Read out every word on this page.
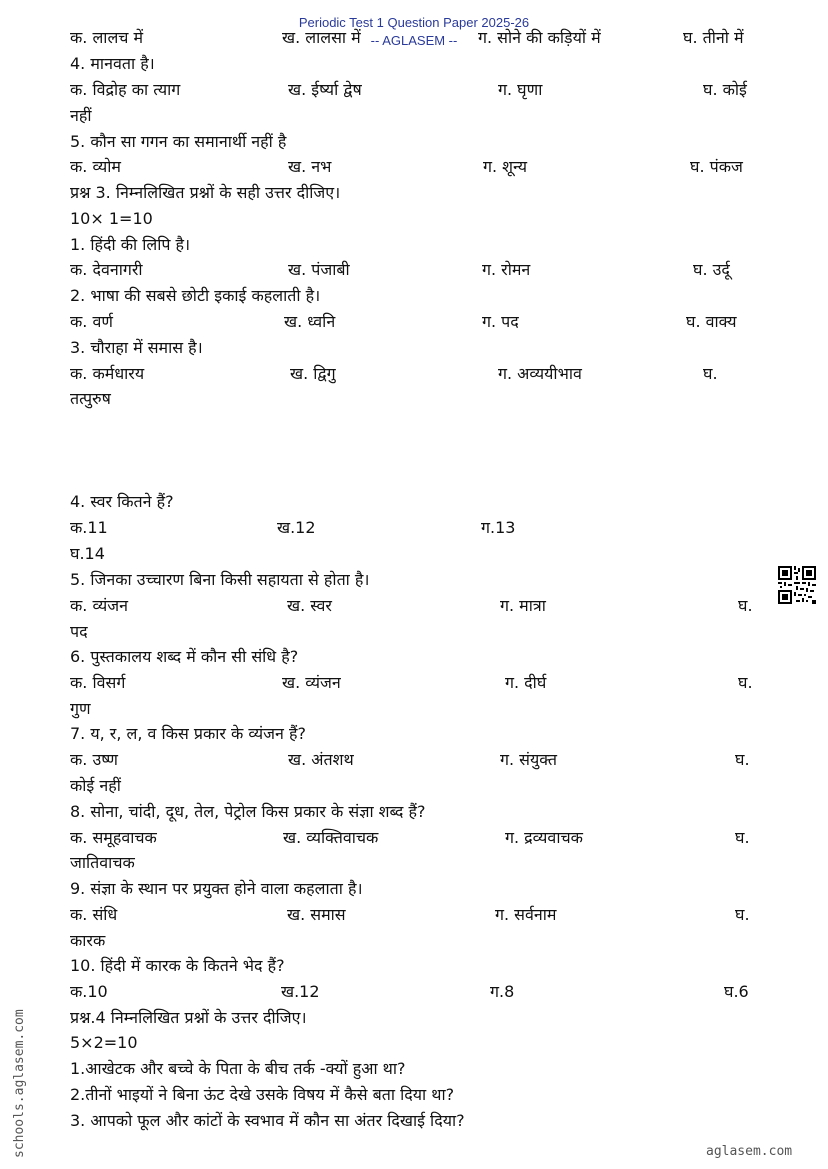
Periodic Test 1 Question Paper 2025-26
-- AGLASEM --
क. लालच में	ख. लालसा में	ग. सोने की कड़ियों में	घ. तीनो में
4. मानवता है।
क. विद्रोह का त्याग	ख. ईर्ष्या द्वेष	ग. घृणा	घ. कोई
नहीं
5. कौन सा गगन का समानार्थी नहीं है
क. व्योम	ख. नभ	ग. शून्य	घ. पंकज
प्रश्न 3. निम्नलिखित प्रश्नों के सही उत्तर दीजिए।
10× 1=10
1. हिंदी की लिपि है।
क. देवनागरी	ख. पंजाबी	ग. रोमन	घ. उर्दू
2. भाषा की सबसे छोटी इकाई कहलाती है।
क. वर्ण	ख. ध्वनि	ग. पद	घ. वाक्य
3. चौराहा में समास है।
क. कर्मधारय	ख. द्विगु	ग. अव्ययीभाव	घ.
तत्पुरुष
4. स्वर कितने हैं?
क.11	ख.12	ग.13
घ.14
5. जिनका उच्चारण बिना किसी सहायता से होता है।
क. व्यंजन	ख. स्वर	ग. मात्रा	घ.
पद
6. पुस्तकालय शब्द में कौन सी संधि है?
क. विसर्ग	ख. व्यंजन	ग. दीर्घ	घ.
गुण
7. य, र, ल, व किस प्रकार के व्यंजन हैं?
क. उष्ण	ख. अंतशथ	ग. संयुक्त	घ.
कोई नहीं
8. सोना, चांदी, दूध, तेल, पेट्रोल किस प्रकार के संज्ञा शब्द हैं?
क. समूहवाचक	ख. व्यक्तिवाचक	ग. द्रव्यवाचक	घ.
जातिवाचक
9. संज्ञा के स्थान पर प्रयुक्त होने वाला कहलाता है।
क. संधि	ख. समास	ग. सर्वनाम	घ.
कारक
10. हिंदी में कारक के कितने भेद हैं?
क.10	ख.12	ग.8	घ.6
प्रश्न.4 निम्नलिखित प्रश्नों के उत्तर दीजिए।
5×2=10
1.आखेटक और बच्चे के पिता के बीच तर्क -क्यों हुआ था?
2.तीनों भाइयों ने बिना ऊंट देखे उसके विषय में कैसे बता दिया था?
3. आपको फूल और कांटों के स्वभाव में कौन सा अंतर दिखाई दिया?
schools.aglasem.com	aglasem.com
